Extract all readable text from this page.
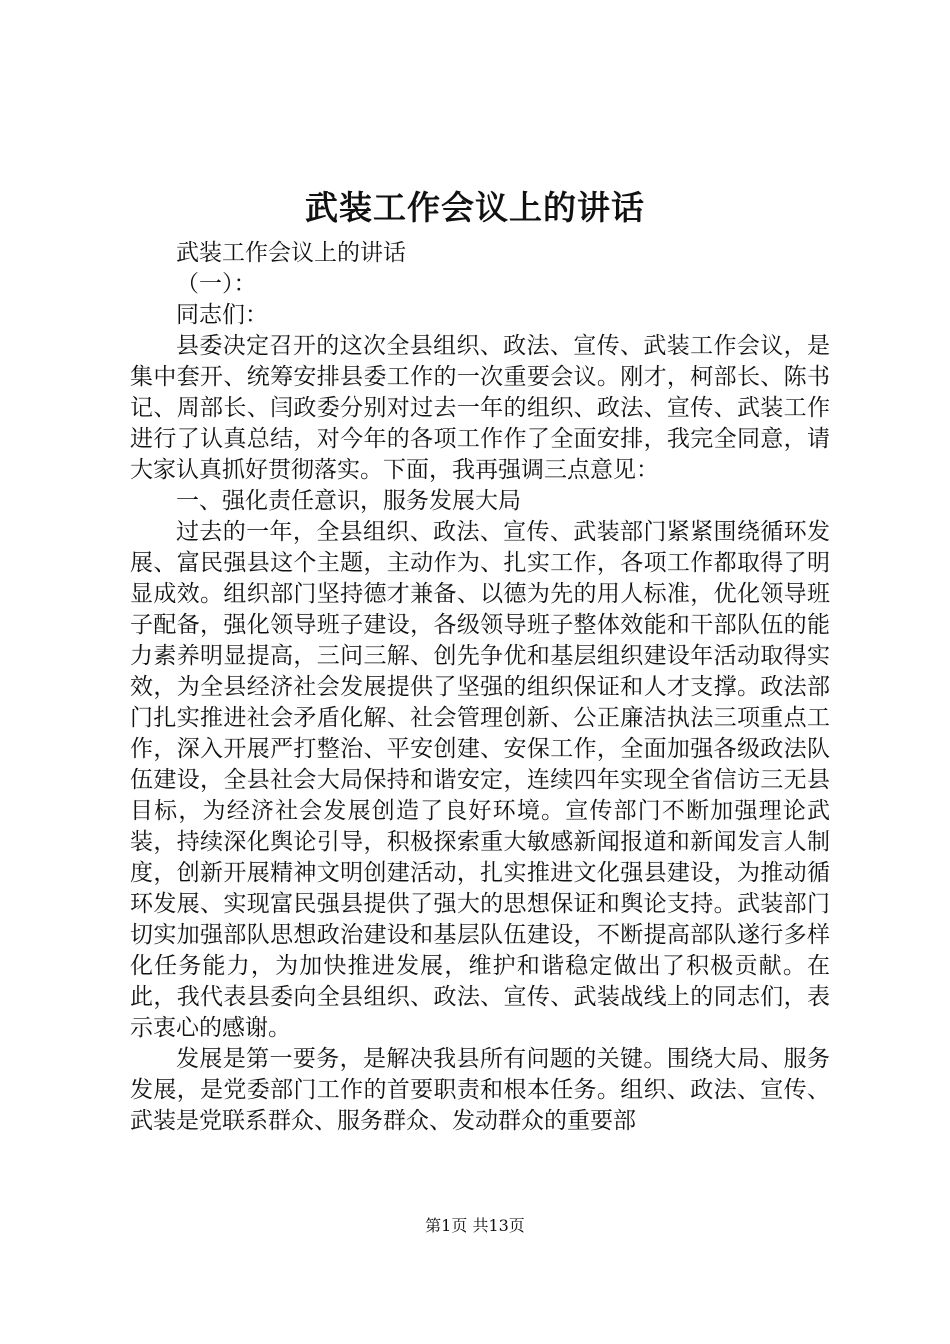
武装工作会议上的讲话

武装工作会议上的讲话

（一）：

同志们：

县委决定召开的这次全县组织、政法、宣传、武装工作会议，是集中套开、统筹安排县委工作的一次重要会议。刚才，柯部长、陈书记、周部长、闫政委分别对过去一年的组织、政法、宣传、武装工作进行了认真总结，对今年的各项工作作了全面安排，我完全同意，请大家认真抓好贯彻落实。下面，我再强调三点意见：

一、强化责任意识，服务发展大局

过去的一年，全县组织、政法、宣传、武装部门紧紧围绕循环发展、富民强县这个主题，主动作为、扎实工作，各项工作都取得了明显成效。组织部门坚持德才兼备、以德为先的用人标准，优化领导班子配备，强化领导班子建设，各级领导班子整体效能和干部队伍的能力素养明显提高，三问三解、创先争优和基层组织建设年活动取得实效，为全县经济社会发展提供了坚强的组织保证和人才支撑。政法部门扎实推进社会矛盾化解、社会管理创新、公正廉洁执法三项重点工作，深入开展严打整治、平安创建、安保工作，全面加强各级政法队伍建设，全县社会大局保持和谐安定，连续四年实现全省信访三无县目标，为经济社会发展创造了良好环境。宣传部门不断加强理论武装，持续深化舆论引导，积极探索重大敏感新闻报道和新闻发言人制度，创新开展精神文明创建活动，扎实推进文化强县建设，为推动循环发展、实现富民强县提供了强大的思想保证和舆论支持。武装部门切实加强部队思想政治建设和基层队伍建设，不断提高部队遂行多样化任务能力，为加快推进发展，维护和谐稳定做出了积极贡献。在此，我代表县委向全县组织、政法、宣传、武装战线上的同志们，表示衷心的感谢。

发展是第一要务，是解决我县所有问题的关键。围绕大局、服务发展，是党委部门工作的首要职责和根本任务。组织、政法、宣传、武装是党联系群众、服务群众、发动群众的重要部

第1页 共13页
